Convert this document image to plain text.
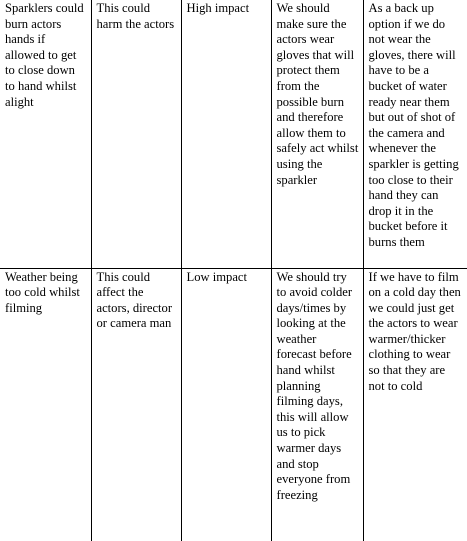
Sparklers could burn actors hands if allowed to get to close down to hand whilst alight	This could harm the actors	High impact	We should make sure the actors wear gloves that will protect them from the possible burn and therefore allow them to safely act whilst using the sparkler	As a back up option if we do not wear the gloves, there will have to be a bucket of water ready near them but out of shot of the camera and whenever the sparkler is getting too close to their hand they can drop it in the bucket before it burns them
Weather being too cold whilst filming	This could affect the actors, director or camera man	Low impact	We should try to avoid colder days/times by looking at the weather forecast before hand whilst planning filming days, this will allow us to pick warmer days and stop everyone from freezing	If we have to film on a cold day then we could just get the actors to wear warmer/thicker clothing to wear so that they are not to cold
